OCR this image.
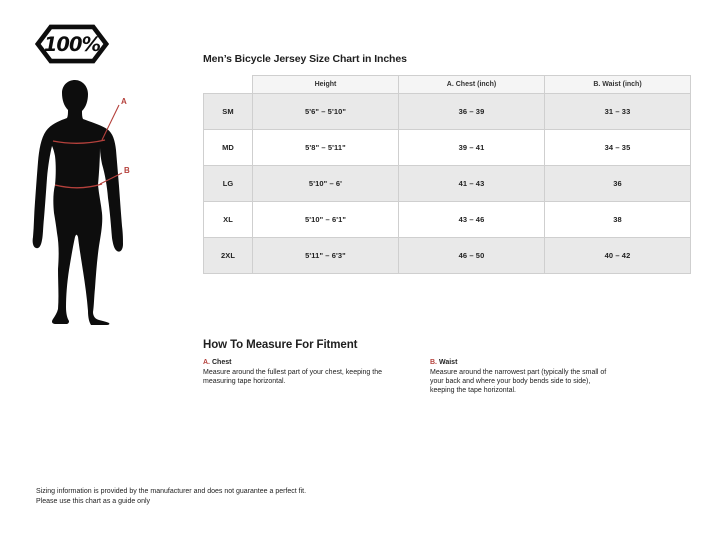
100%
A
B
Men’s Bicycle Jersey Size Chart in Inches
	Height	A. Chest (inch)	B. Waist (inch)
SM	5'6" – 5'10"	36 – 39	31 – 33
MD	5'8" – 5'11"	39 – 41	34 – 35
LG	5'10" – 6'	41 – 43	36
XL	5'10" – 6'1"	43 – 46	38
2XL	5'11" – 6'3"	46 – 50	40 – 42
How To Measure For Fitment
A. Chest
Measure around the fullest part of your chest, keeping the measuring tape horizontal.
B. Waist
Measure around the narrowest part (typically the small of your back and where your body bends side to side), keeping the tape horizontal.
Sizing information is provided by the manufacturer and does not guarantee a perfect fit.
Please use this chart as a guide only
